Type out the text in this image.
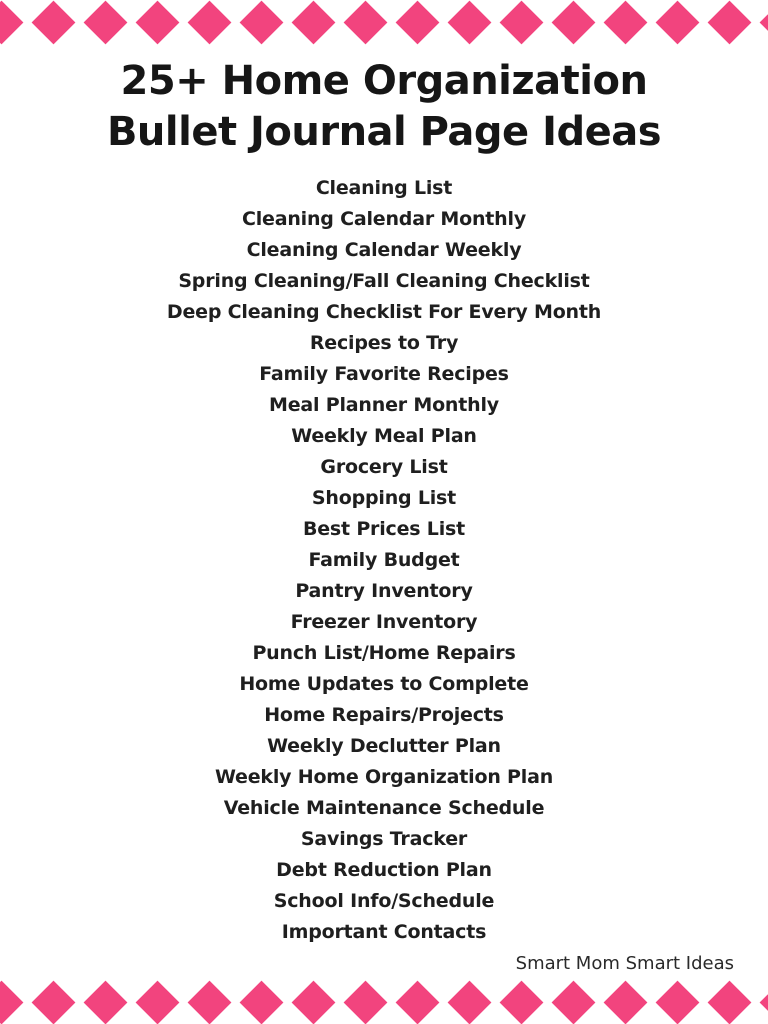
25+ Home Organization
Bullet Journal Page Ideas
Cleaning List
Cleaning Calendar Monthly
Cleaning Calendar Weekly
Spring Cleaning/Fall Cleaning Checklist
Deep Cleaning Checklist For Every Month
Recipes to Try
Family Favorite Recipes
Meal Planner Monthly
Weekly Meal Plan
Grocery List
Shopping List
Best Prices List
Family Budget
Pantry Inventory
Freezer Inventory
Punch List/Home Repairs
Home Updates to Complete
Home Repairs/Projects
Weekly Declutter Plan
Weekly Home Organization Plan
Vehicle Maintenance Schedule
Savings Tracker
Debt Reduction Plan
School Info/Schedule
Important Contacts
Smart Mom Smart Ideas
